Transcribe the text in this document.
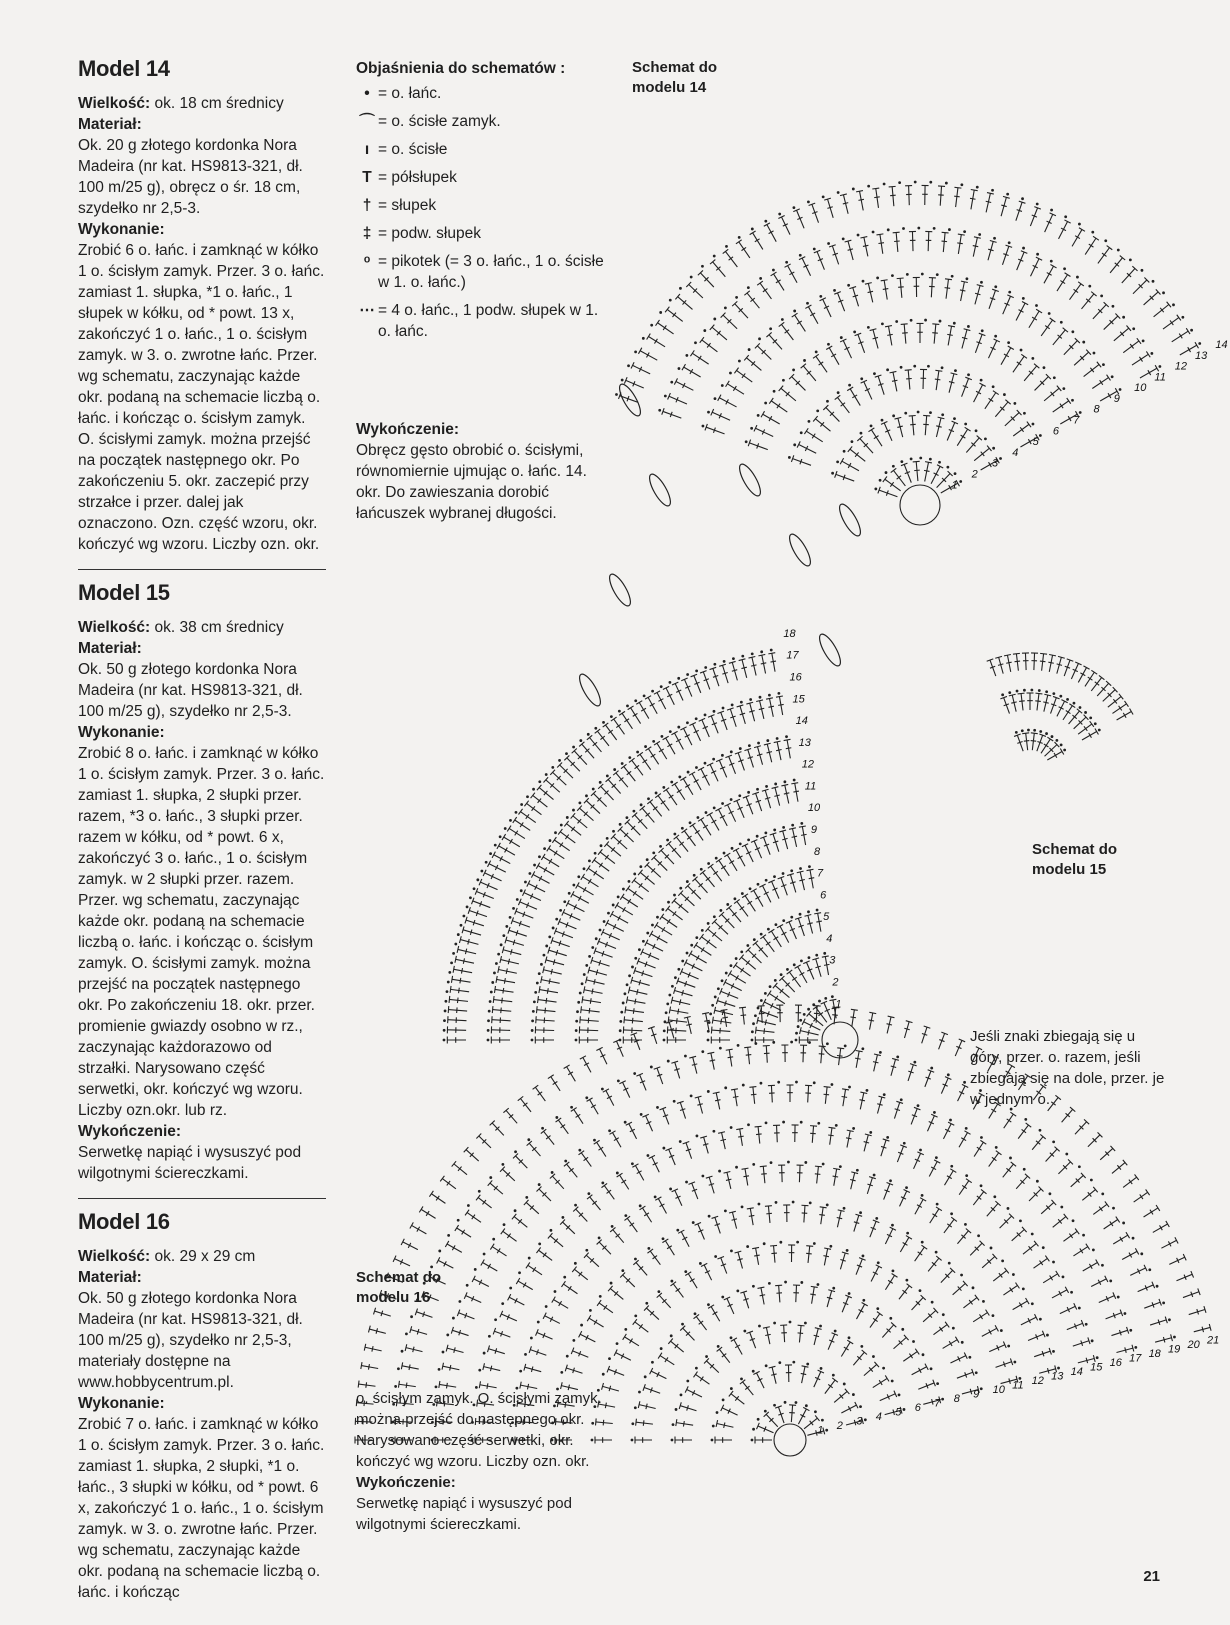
Model 14

Wielkość: ok. 18 cm średnicy

Materiał:

Ok. 20 g złotego kordonka Nora Madeira (nr kat. HS9813-321, dł. 100 m/25 g), obręcz o śr. 18 cm, szydełko nr 2,5-3.

Wykonanie:

Zrobić 6 o. łańc. i zamknąć w kółko 1 o. ścisłym zamyk. Przer. 3 o. łańc. zamiast 1. słupka, *1 o. łańc., 1 słupek w kółku, od * powt. 13 x, zakończyć 1 o. łańc., 1 o. ścisłym zamyk. w 3. o. zwrotne łańc. Przer. wg schematu, zaczynając każde okr. podaną na schemacie liczbą o. łańc. i kończąc o. ścisłym zamyk. O. ścisłymi zamyk. można przejść na początek następnego okr. Po zakończeniu 5. okr. zaczepić przy strzałce i przer. dalej jak oznaczono. Ozn. część wzoru, okr. kończyć wg wzoru. Liczby ozn. okr.

Model 15

Wielkość: ok. 38 cm średnicy

Materiał:

Ok. 50 g złotego kordonka Nora Madeira (nr kat. HS9813-321, dł. 100 m/25 g), szydełko nr 2,5-3.

Wykonanie:

Zrobić 8 o. łańc. i zamknąć w kółko 1 o. ścisłym zamyk. Przer. 3 o. łańc. zamiast 1. słupka, 2 słupki przer. razem, *3 o. łańc., 3 słupki przer. razem w kółku, od * powt. 6 x, zakończyć 3 o. łańc., 1 o. ścisłym zamyk. w 2 słupki przer. razem. Przer. wg schematu, zaczynając każde okr. podaną na schemacie liczbą o. łańc. i kończąc o. ścisłym zamyk. O. ścisłymi zamyk. można przejść na początek następnego okr. Po zakończeniu 18. okr. przer. promienie gwiazdy osobno w rz., zaczynając każdorazowo od strzałki. Narysowano część serwetki, okr. kończyć wg wzoru. Liczby ozn.okr. lub rz.

Wykończenie:

Serwetkę napiąć i wysuszyć pod wilgotnymi ściereczkami.

Model 16

Wielkość: ok. 29 x 29 cm

Materiał:

Ok. 50 g złotego kordonka Nora Madeira (nr kat. HS9813-321, dł. 100 m/25 g), szydełko nr 2,5-3, materiały dostępne na www.hobbycentrum.pl.

Wykonanie:

Zrobić 7 o. łańc. i zamknąć w kółko 1 o. ścisłym zamyk. Przer. 3 o. łańc. zamiast 1. słupka, 2 słupki, *1 o. łańc., 3 słupki w kółku, od * powt. 6 x, zakończyć 1 o. łańc., 1 o. ścisłym zamyk. w 3. o. zwrotne łańc. Przer. wg schematu, zaczynając każde okr. podaną na schemacie liczbą o. łańc. i kończąc

Objaśnienia do schematów :
• = o. łańc.
⌒ = o. ścisłe zamyk.
ı = o. ścisłe
T = półsłupek
† = słupek
‡ = podw. słupek
ᵒ = pikotek (= 3 o. łańc., 1 o. ścisłe w 1. o. łańc.)
⋯ = 4 o. łańc., 1 podw. słupek w 1. o. łańc.

Wykończenie:

Obręcz gęsto obrobić o. ścisłymi, równomiernie ujmując o. łańc. 14. okr. Do zawieszania dorobić łańcuszek wybranej długości.

1
2
3
4
5
6
7
8
9
10
11
12
13
14
1
2
3
4
5
6
7
8
9
10
11
12
13
14
15
16
17
18
1 2 3 4 5 6 7 8 9 10 11 12 13 14 15 16 17 18 19 20 21
Schemat do modelu 14
Schemat do modelu 15
Schemat do modelu 16
Jeśli znaki zbiegają się u góry, przer. o. razem, jeśli zbiegają się na dole, przer. je w jednym o.

o. ścisłym zamyk. O. ścisłymi zamyk. można przejść do następnego okr. Narysowano część serwetki, okr. kończyć wg wzoru. Liczby ozn. okr.

Wykończenie:

Serwetkę napiąć i wysuszyć pod wilgotnymi ściereczkami.

21
